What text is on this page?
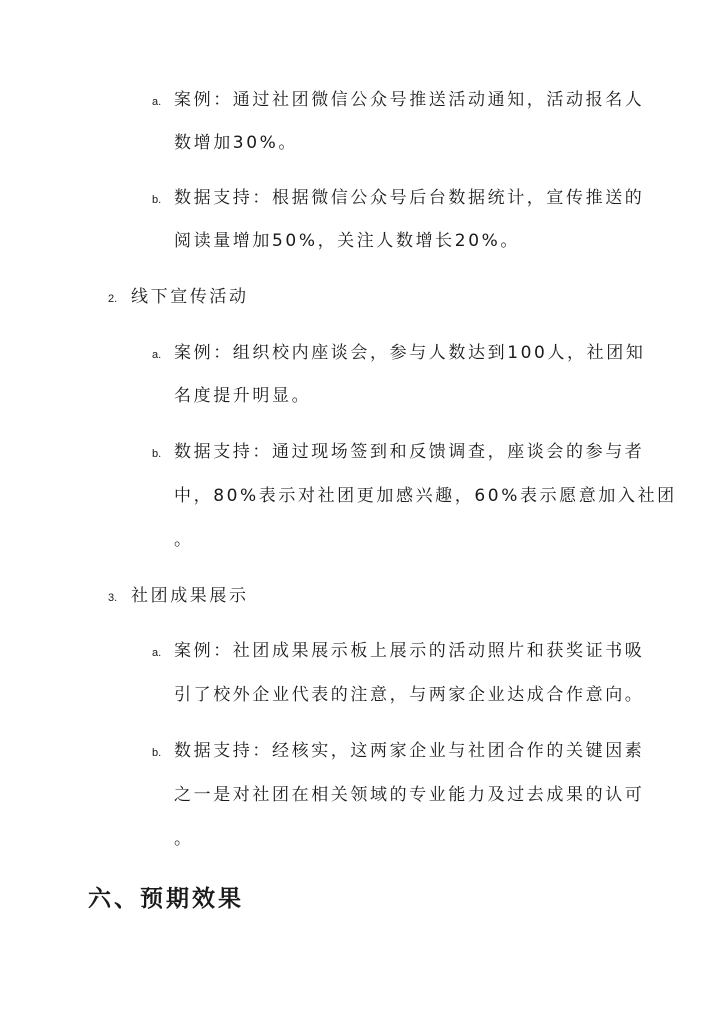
a. 案例：通过社团微信公众号推送活动通知，活动报名人
数增加30%。
b. 数据支持：根据微信公众号后台数据统计，宣传推送的
阅读量增加50%，关注人数增长20%。
2. 线下宣传活动
a. 案例：组织校内座谈会，参与人数达到100人，社团知
名度提升明显。
b. 数据支持：通过现场签到和反馈调查，座谈会的参与者
中，80%表示对社团更加感兴趣，60%表示愿意加入社团
。
3. 社团成果展示
a. 案例：社团成果展示板上展示的活动照片和获奖证书吸
引了校外企业代表的注意，与两家企业达成合作意向。
b. 数据支持：经核实，这两家企业与社团合作的关键因素
之一是对社团在相关领域的专业能力及过去成果的认可
。
六、预期效果
